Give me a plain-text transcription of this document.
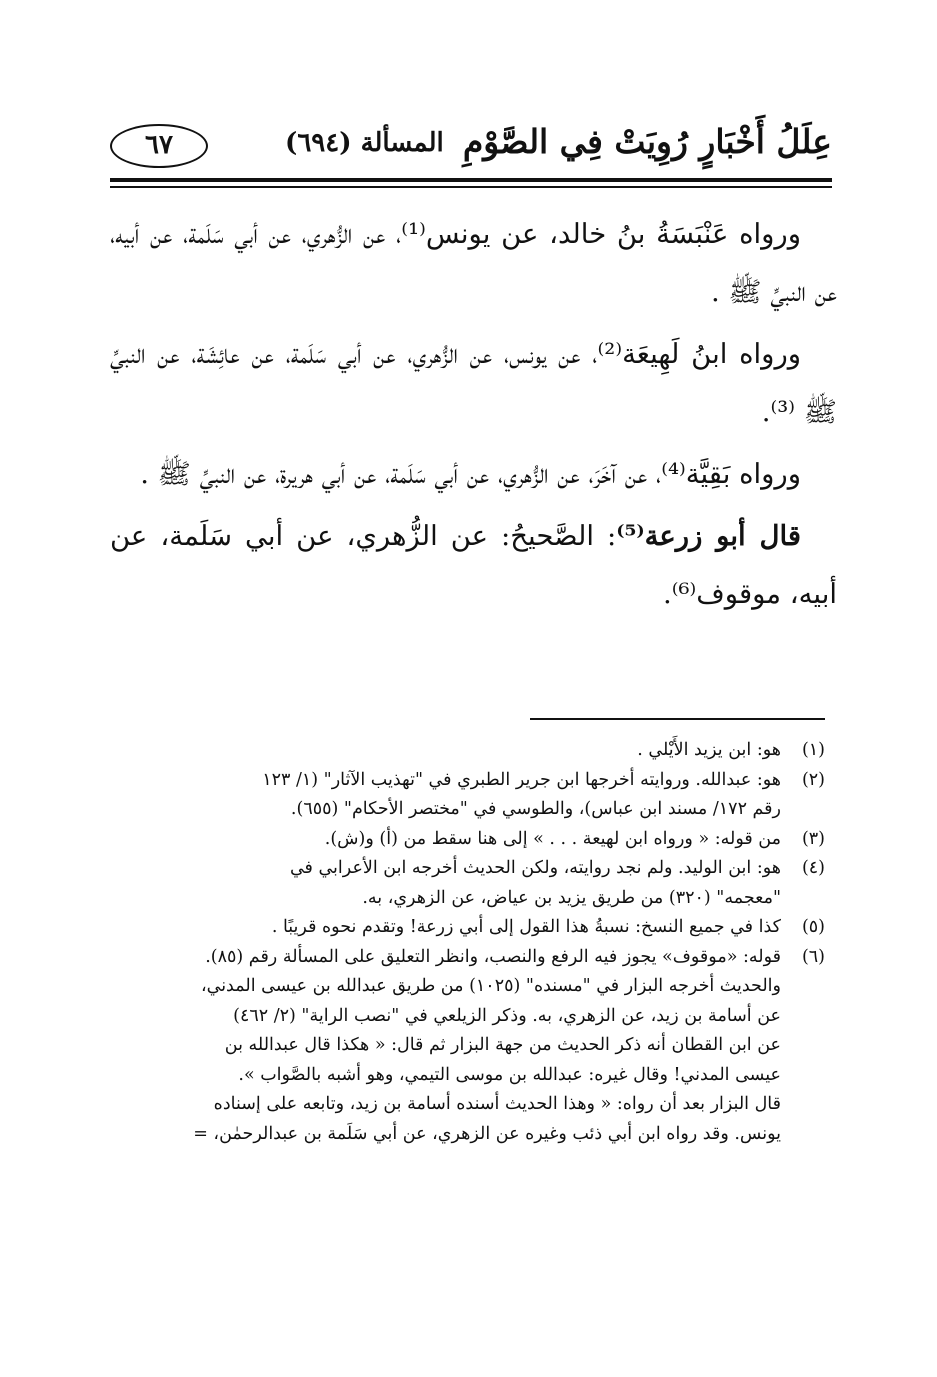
عِلَلُ أَخْبَارٍ رُوِيَتْ فِي الصَّوْمِ
المسألة (٦٩٤)
٦٧

ورواه عَنْبَسَةُ بنُ خالد، عن يونس⁽¹⁾، عن الزُّهري، عن أبي سَلَمة، عن أبيه، عن النبيِّ ﷺ .

ورواه ابنُ لَهِيعَة⁽²⁾، عن يونس، عن الزُّهري، عن أبي سَلَمة، عن عائِشَة، عن النبيِّ ﷺ ⁽³⁾.

ورواه بَقِيَّة⁽⁴⁾، عن آخَرَ، عن الزُّهري، عن أبي سَلَمة، عن أبي هريرة، عن النبيِّ ﷺ .

قال أبو زرعة⁽⁵⁾: الصَّحيحُ: عن الزُّهري، عن أبي سَلَمة، عن أبيه، موقوف⁽⁶⁾.

(١)
هو: ابن يزيد الأَيْلي .
(٢)
هو: عبدالله. وروايته أخرجها ابن جرير الطبري في "تهذيب الآثار" (١/ ١٢٣
رقم ١٧٢/ مسند ابن عباس)، والطوسي في "مختصر الأحكام" (٦٥٥).
(٣)
من قوله: « ورواه ابن لهيعة . . . » إلى هنا سقط من (أ) و(ش).
(٤)
هو: ابن الوليد. ولم نجد روايته، ولكن الحديث أخرجه ابن الأعرابي في
"معجمه" (٣٢٠) من طريق يزيد بن عياض، عن الزهري، به.
(٥)
كذا في جميع النسخ: نسبةُ هذا القول إلى أبي زرعة! وتقدم نحوه قريبًا .
(٦)
قوله: «موقوف» يجوز فيه الرفع والنصب، وانظر التعليق على المسألة رقم (٨٥).
والحديث أخرجه البزار في "مسنده" (١٠٢٥) من طريق عبدالله بن عيسى المدني،
عن أسامة بن زيد، عن الزهري، به. وذكر الزيلعي في "نصب الراية" (٢/ ٤٦٢)
عن ابن القطان أنه ذكر الحديث من جهة البزار ثم قال: « هكذا قال عبدالله بن
عيسى المدني! وقال غيره: عبدالله بن موسى التيمي، وهو أشبه بالصَّواب ».
قال البزار بعد أن رواه: « وهذا الحديث أسنده أسامة بن زيد، وتابعه على إسناده
يونس. وقد رواه ابن أبي ذئب وغيره عن الزهري، عن أبي سَلَمة بن عبدالرحمٰن، =
